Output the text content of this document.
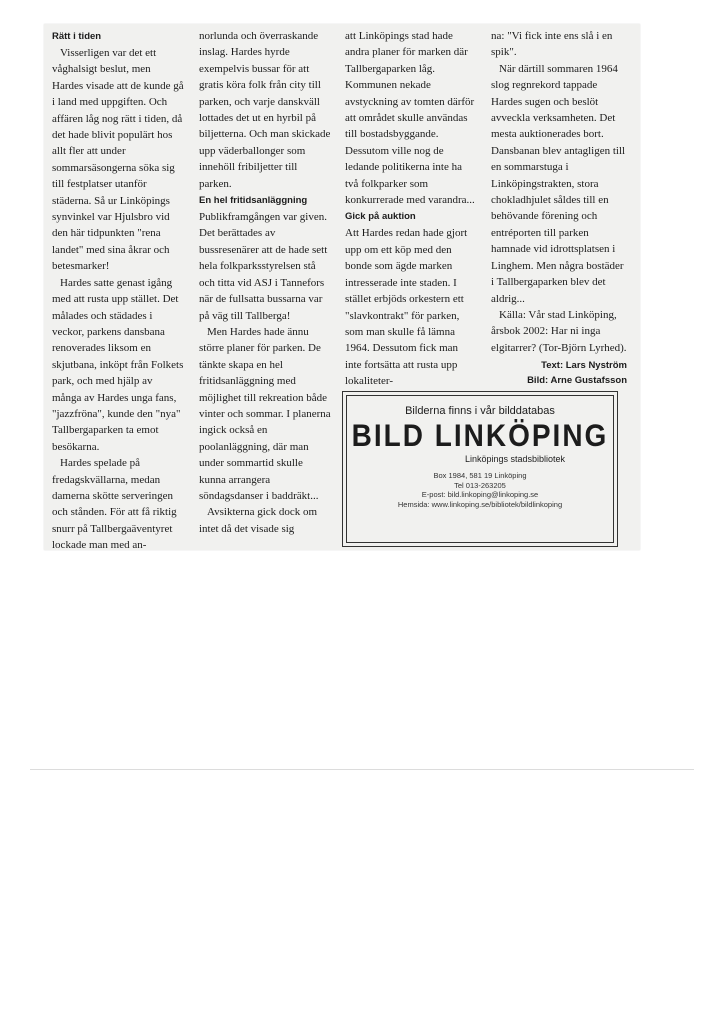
Rätt i tiden

Visserligen var det ett våghalsigt beslut, men Hardes visade att de kunde gå i land med uppgiften. Och affären låg nog rätt i tiden, då det hade blivit populärt hos allt fler att under sommarsäsongerna söka sig till festplatser utanför städerna. Så ur Linköpings synvinkel var Hjulsbro vid den här tidpunkten "rena landet" med sina åkrar och betesmarker!

Hardes satte genast igång med att rusta upp stället. Det målades och städades i veckor, parkens dansbana renoverades liksom en skjutbana, inköpt från Folkets park, och med hjälp av många av Hardes unga fans, "jazzfröna", kunde den "nya" Tallbergaparken ta emot besökarna.

Hardes spelade på fredagskvällarna, medan damerna skötte serveringen och stånden. För att få riktig snurr på Tallbergaäventyret lockade man med an-

norlunda och överraskande inslag. Hardes hyrde exempelvis bussar för att gratis köra folk från city till parken, och varje danskväll lottades det ut en hyrbil på biljetterna. Och man skickade upp väderballonger som innehöll fribiljetter till parken.

En hel fritidsanläggning

Publikframgången var given. Det berättades av bussresenärer att de hade sett hela folkparksstyrelsen stå och titta vid ASJ i Tannefors när de fullsatta bussarna var på väg till Tallberga!

Men Hardes hade ännu större planer för parken. De tänkte skapa en hel fritidsanläggning med möjlighet till rekreation både vinter och sommar. I planerna ingick också en poolanläggning, där man under sommartid skulle kunna arrangera söndagsdanser i baddräkt...

Avsikterna gick dock om intet då det visade sig

att Linköpings stad hade andra planer för marken där Tallbergaparken låg. Kommunen nekade avstyckning av tomten därför att området skulle användas till bostadsbyggande. Dessutom ville nog de ledande politikerna inte ha två folkparker som konkurrerade med varandra...

Gick på auktion

Att Hardes redan hade gjort upp om ett köp med den bonde som ägde marken intresserade inte staden. I stället erbjöds orkestern ett "slavkontrakt" för parken, som man skulle få lämna 1964. Dessutom fick man inte fortsätta att rusta upp lokaliteter-

na: "Vi fick inte ens slå i en spik".

När därtill sommaren 1964 slog regnrekord tappade Hardes sugen och beslöt avveckla verksamheten. Det mesta auktionerades bort. Dansbanan blev antagligen till en sommarstuga i Linköpingstrakten, stora chokladhjulet såldes till en behövande förening och entréporten till parken hamnade vid idrottsplatsen i Linghem. Men några bostäder i Tallbergaparken blev det aldrig...

Källa: Vår stad Linköping, årsbok 2002: Har ni inga elgitarrer? (Tor-Björn Lyrhed).

Text: Lars Nyström
Bild: Arne Gustafsson
Bilderna finns i vår bilddatabas
BILD LINKÖPING
Linköpings stadsbibliotek
Box 1984, 581 19 Linköping
Tel 013-263205
E-post: bild.linkoping@linkoping.se
Hemsida: www.linkoping.se/bibliotek/bildlinkoping
